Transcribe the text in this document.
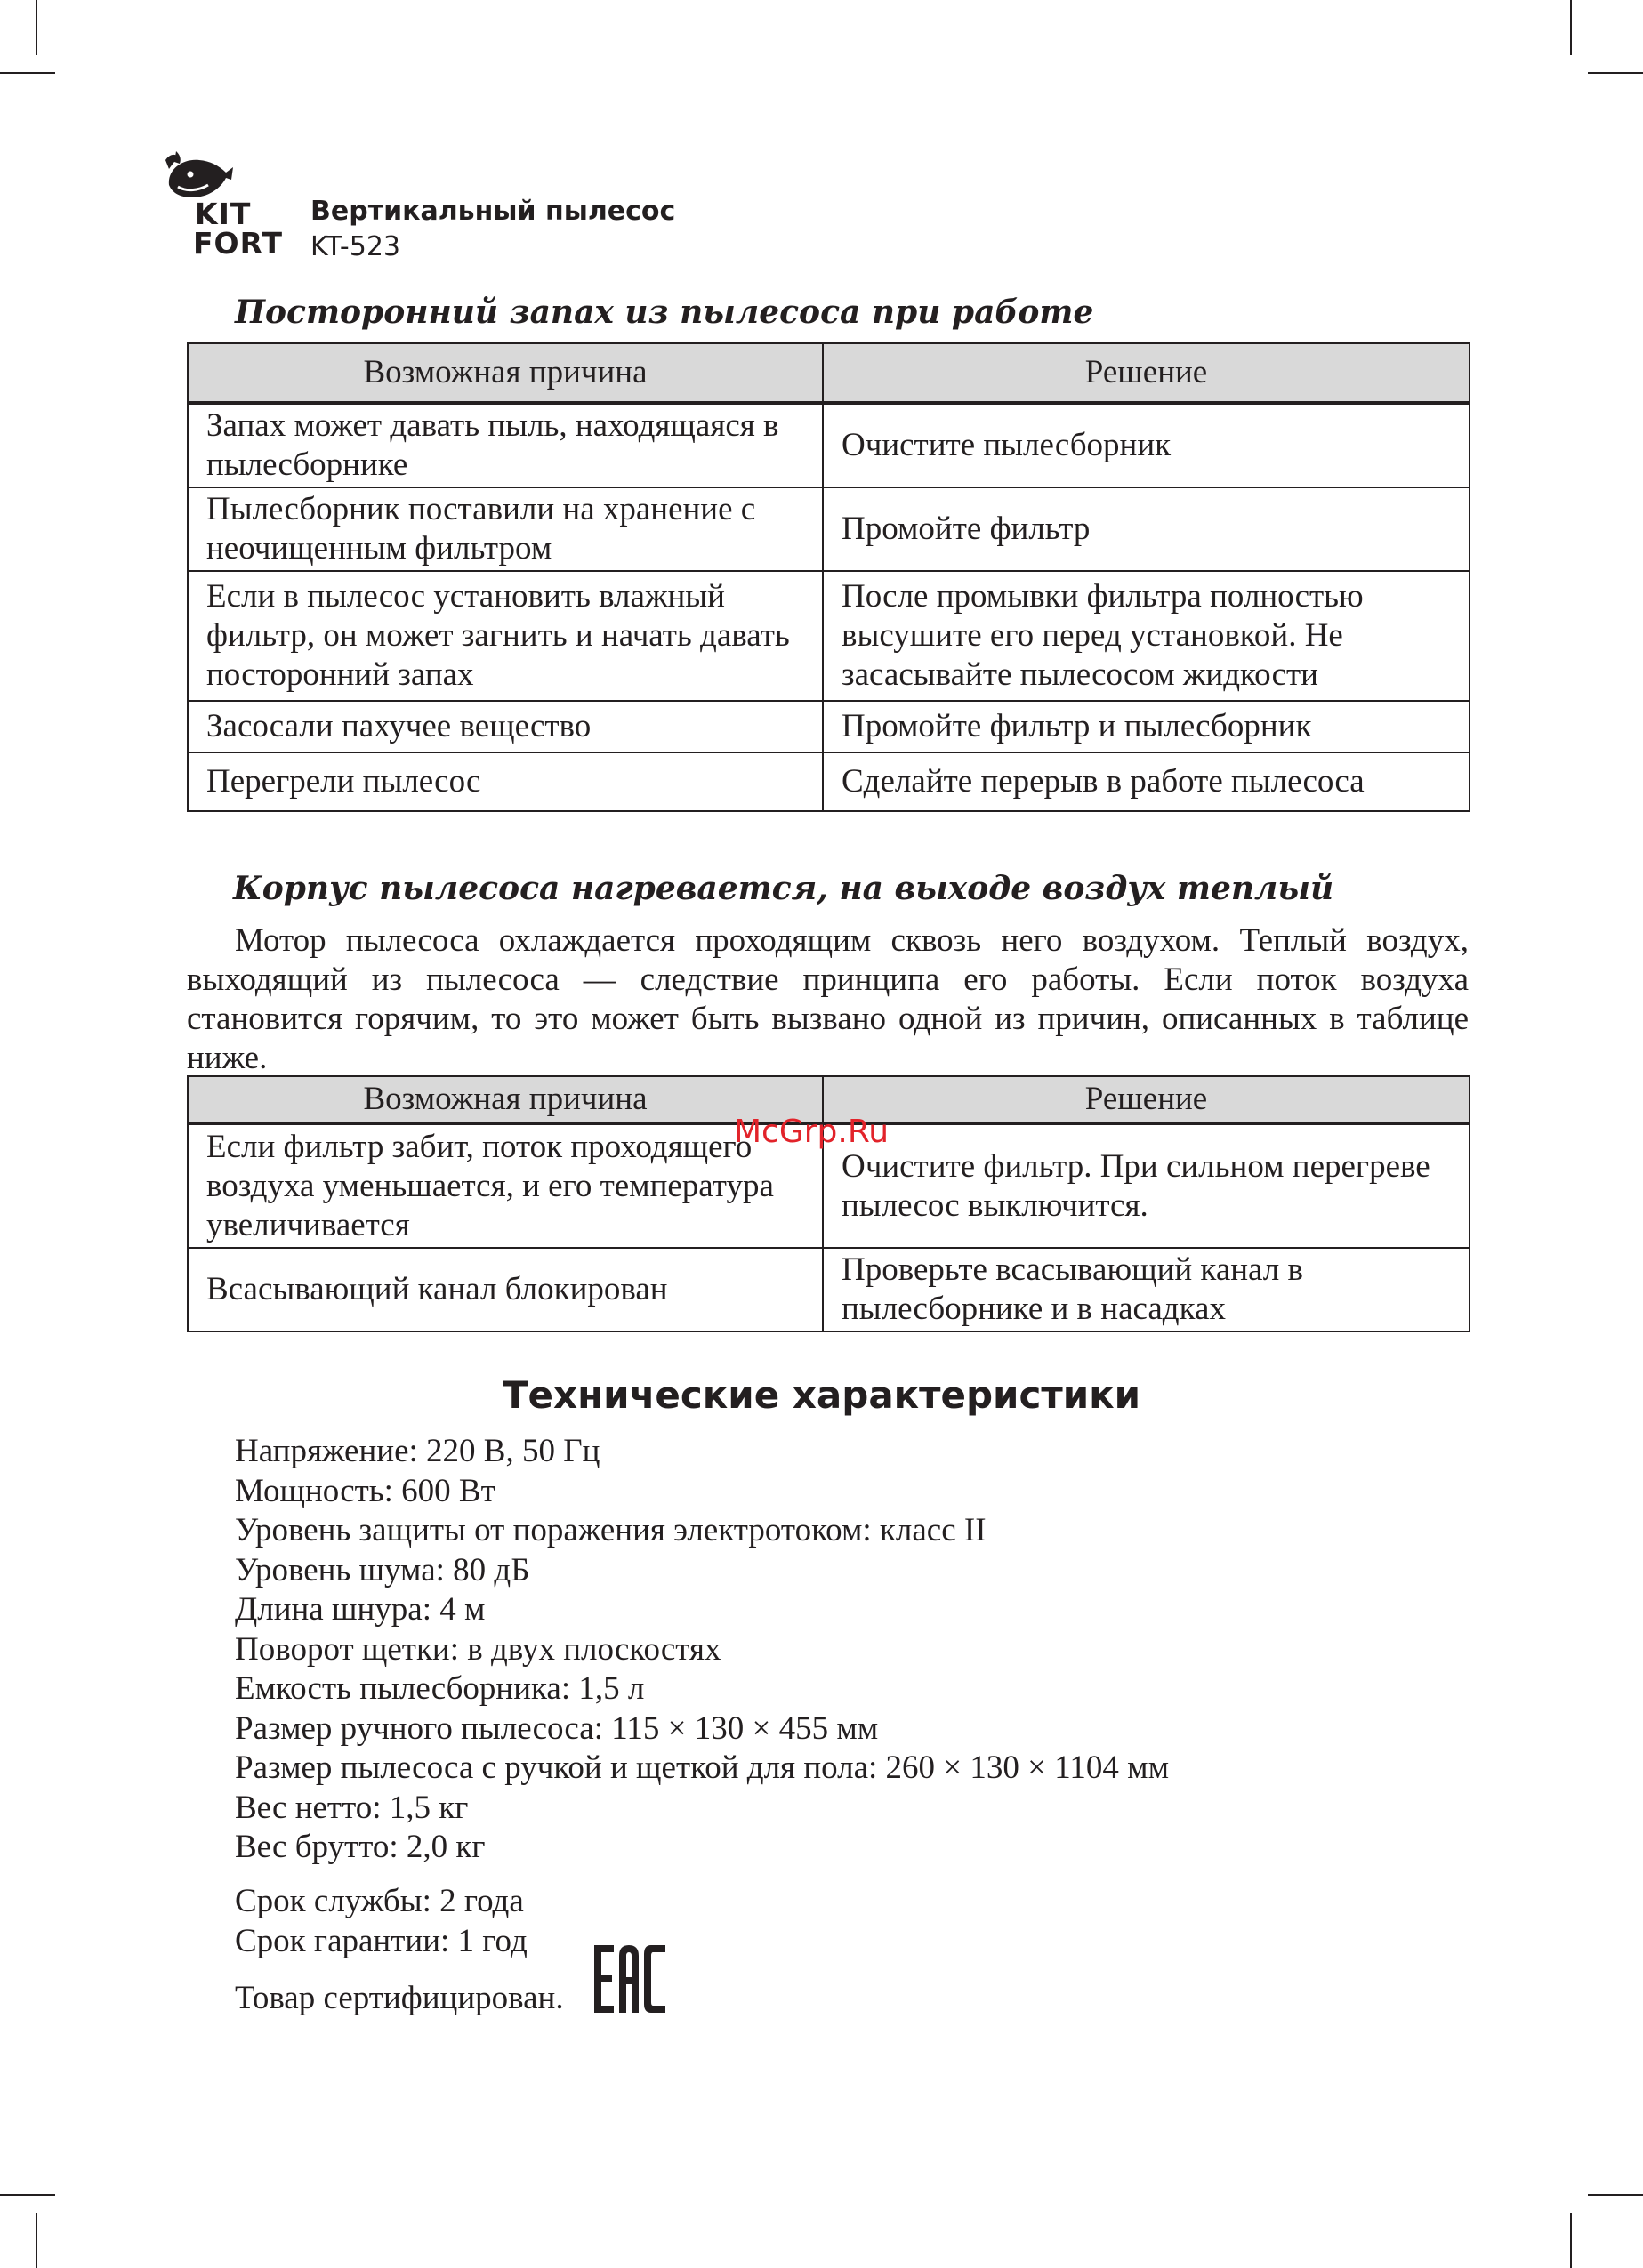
KIT
FORT
Вертикальный пылесос
KT-523
Посторонний запах из пылесоса при работе
Возможная причина	Решение
Запах может давать пыль, находящаяся в пылесборнике	Очистите пылесборник
Пылесборник поставили на хранение с неочищенным фильтром	Промойте фильтр
Если в пылесос установить влажный фильтр, он может загнить и начать давать посторонний запах	После промывки фильтра полностью высушите его перед установкой. Не засасывайте пылесосом жидкости
Засосали пахучее вещество	Промойте фильтр и пылесборник
Перегрели пылесос	Сделайте перерыв в работе пылесоса
Корпус пылесоса нагревается, на выходе воздух теплый

Мотор пылесоса охлаждается проходящим сквозь него воздухом. Теплый воздух, выходящий из пылесоса — следствие принципа его работы. Если поток воздуха становится горячим, то это может быть вызвано одной из причин, описанных в таблице ниже.

Возможная причина	Решение
Если фильтр забит, поток проходящего воздуха уменьшается, и его температура увеличивается	Очистите фильтр. При сильном перегреве пылесос выключится.
Всасывающий канал блокирован	Проверьте всасывающий канал в пылесборнике и в насадках
McGrp.Ru
Технические характеристики
Напряжение: 220 В, 50 Гц
Мощность: 600 Вт
Уровень защиты от поражения электротоком: класс II
Уровень шума: 80 дБ
Длина шнура: 4 м
Поворот щетки: в двух плоскостях
Емкость пылесборника: 1,5 л
Размер ручного пылесоса: 115 × 130 × 455 мм
Размер пылесоса с ручкой и щеткой для пола: 260 × 130 × 1104 мм
Вес нетто: 1,5 кг
Вес брутто: 2,0 кг
Срок службы: 2 года
Срок гарантии: 1 год
Товар сертифицирован.
